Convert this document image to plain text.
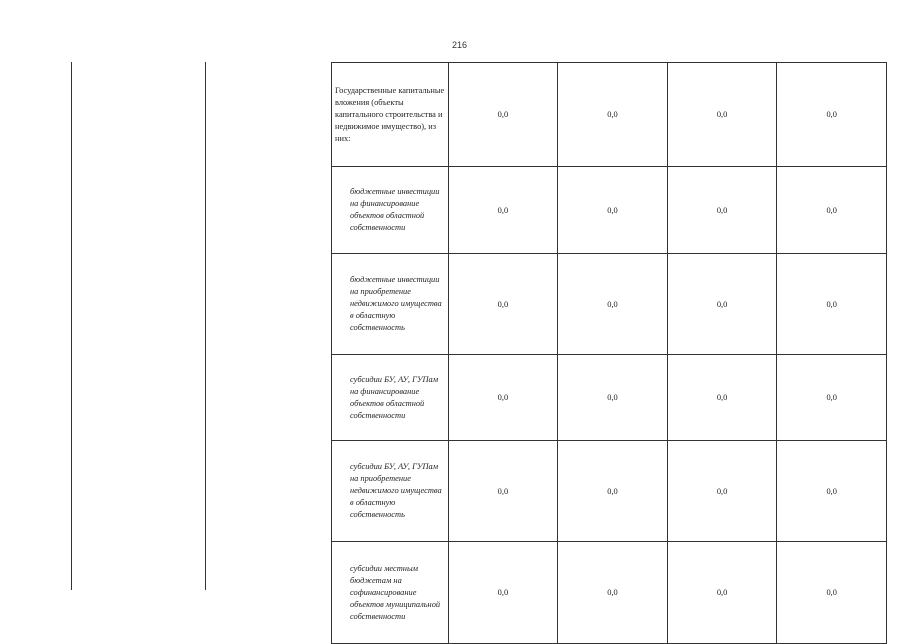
216
Государственные капитальные вложения (объекты капитального строительства и недвижимое имущество), из них:	0,0	0,0	0,0	0,0
бюджетные инвестиции на финансирование объектов областной собственности	0,0	0,0	0,0	0,0
бюджетные инвестиции на приобретение недвижимого имущества в областную собственность	0,0	0,0	0,0	0,0
субсидии БУ, АУ, ГУПам на финансирование объектов областной собственности	0,0	0,0	0,0	0,0
субсидии БУ, АУ, ГУПам на приобретение недвижимого имущества в областную собственность	0,0	0,0	0,0	0,0
субсидии местным бюджетам на софинансирование объектов муниципальной собственности	0,0	0,0	0,0	0,0
